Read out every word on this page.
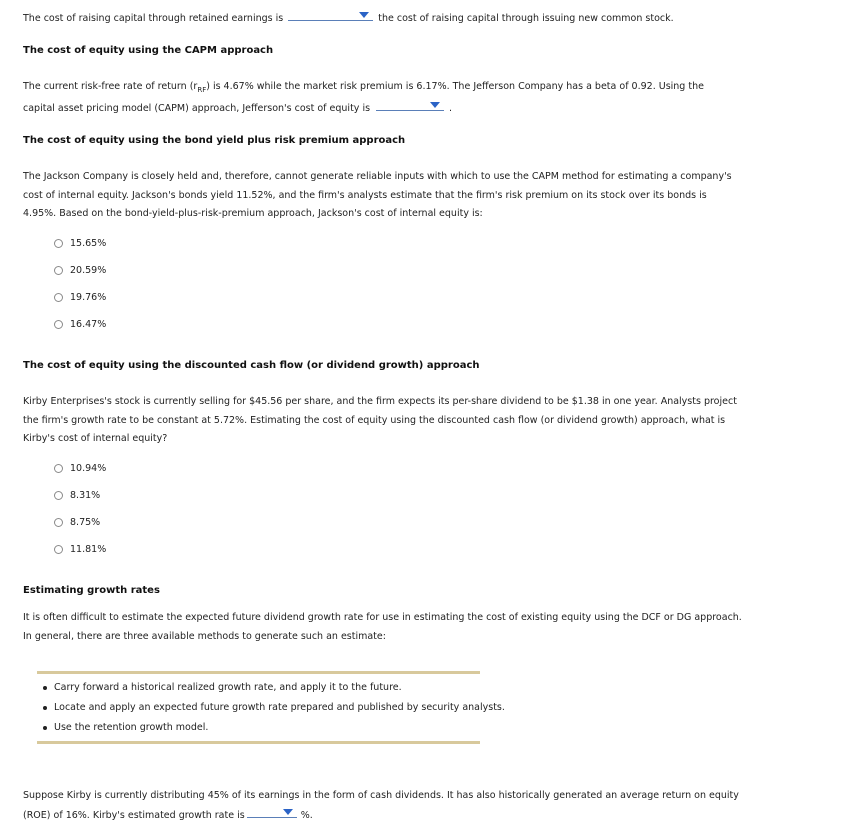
The cost of raising capital through retained earnings is	the cost of raising capital through issuing new common stock.
The cost of equity using the CAPM approach
The current risk-free rate of return $(r_{RF})$ is 4.67% while the market risk premium is 6.17%. The Jefferson Company has a beta of 0.92. Using the
capital asset pricing model (CAPM) approach, Jefferson's cost of equity is	.
The cost of equity using the bond yield plus risk premium approach
The Jackson Company is closely held and, therefore, cannot generate reliable inputs with which to use the CAPM method for estimating a company's
cost of internal equity. Jackson's bonds yield 11.52%, and the firm's analysts estimate that the firm's risk premium on its stock over its bonds is
4.95%. Based on the bond-yield-plus-risk-premium approach, Jackson's cost of internal equity is:
15.65%
20.59%
19.76%
16.47%
The cost of equity using the discounted cash flow (or dividend growth) approach
Kirby Enterprises's stock is currently selling for $45.56 per share, and the firm expects its per-share dividend to be $1.38 in one year. Analysts project
the firm's growth rate to be constant at 5.72%. Estimating the cost of equity using the discounted cash flow (or dividend growth) approach, what is
Kirby's cost of internal equity?
10.94%
8.31%
8.75%
11.81%
Estimating growth rates
It is often difficult to estimate the expected future dividend growth rate for use in estimating the cost of existing equity using the DCF or DG approach.
In general, there are three available methods to generate such an estimate:
Carry forward a historical realized growth rate, and apply it to the future.
Locate and apply an expected future growth rate prepared and published by security analysts.
Use the retention growth model.
Suppose Kirby is currently distributing 45% of its earnings in the form of cash dividends. It has also historically generated an average return on equity
(ROE) of 16%. Kirby's estimated growth rate is	%.
